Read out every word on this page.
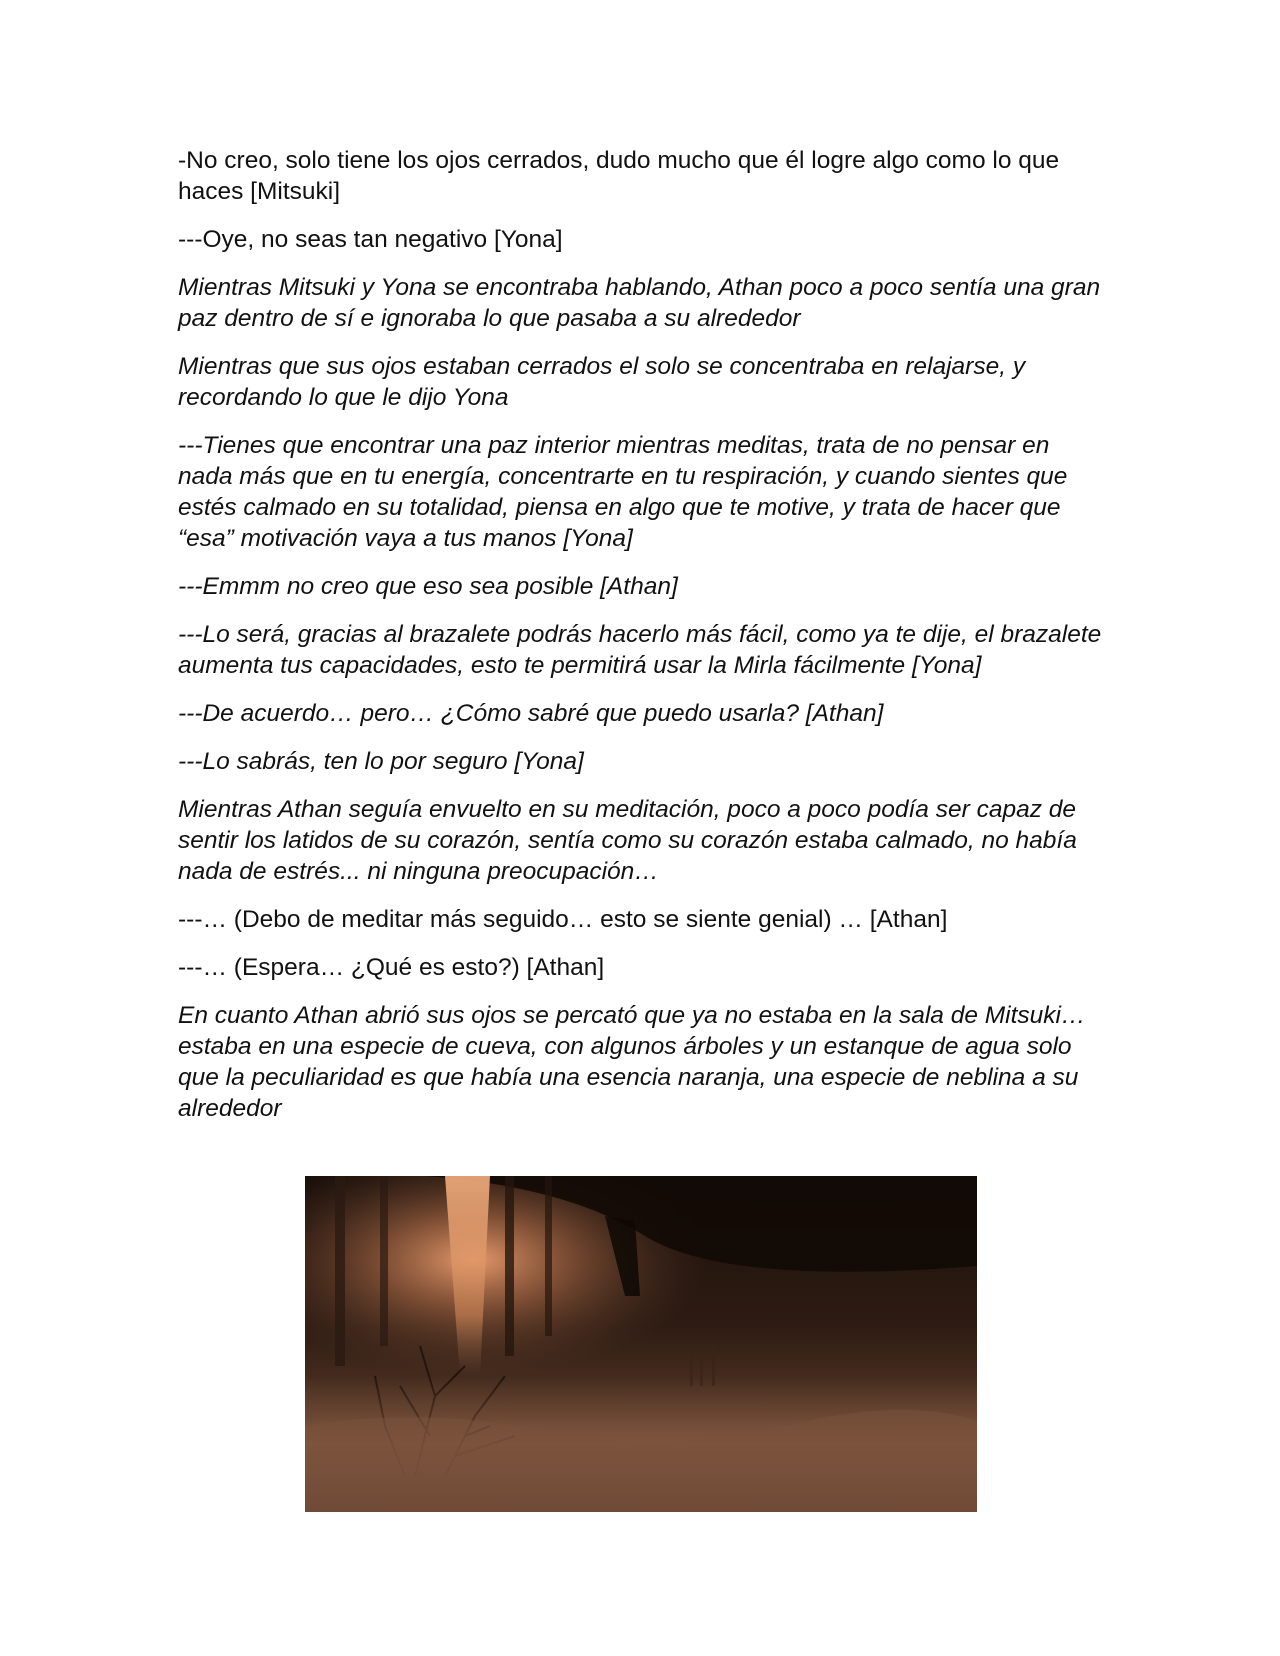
-No creo, solo tiene los ojos cerrados, dudo mucho que él logre algo como lo que haces [Mitsuki]

---Oye, no seas tan negativo [Yona]

Mientras Mitsuki y Yona se encontraba hablando, Athan poco a poco sentía una gran paz dentro de sí e ignoraba lo que pasaba a su alrededor

Mientras que sus ojos estaban cerrados el solo se concentraba en relajarse, y recordando lo que le dijo Yona

---Tienes que encontrar una paz interior mientras meditas, trata de no pensar en nada más que en tu energía, concentrarte en tu respiración, y cuando sientes que estés calmado en su totalidad, piensa en algo que te motive, y trata de hacer que “esa” motivación vaya a tus manos [Yona]

---Emmm no creo que eso sea posible [Athan]

---Lo será, gracias al brazalete podrás hacerlo más fácil, como ya te dije, el brazalete aumenta tus capacidades, esto te permitirá usar la Mirla fácilmente [Yona]

---De acuerdo… pero… ¿Cómo sabré que puedo usarla? [Athan]

---Lo sabrás, ten lo por seguro [Yona]

Mientras Athan seguía envuelto en su meditación, poco a poco podía ser capaz de sentir los latidos de su corazón, sentía como su corazón estaba calmado, no había nada de estrés... ni ninguna preocupación…

---… (Debo de meditar más seguido… esto se siente genial) … [Athan]

---… (Espera… ¿Qué es esto?) [Athan]

En cuanto Athan abrió sus ojos se percató que ya no estaba en la sala de Mitsuki… estaba en una especie de cueva, con algunos árboles y un estanque de agua solo que la peculiaridad es que había una esencia naranja, una especie de neblina a su alrededor
